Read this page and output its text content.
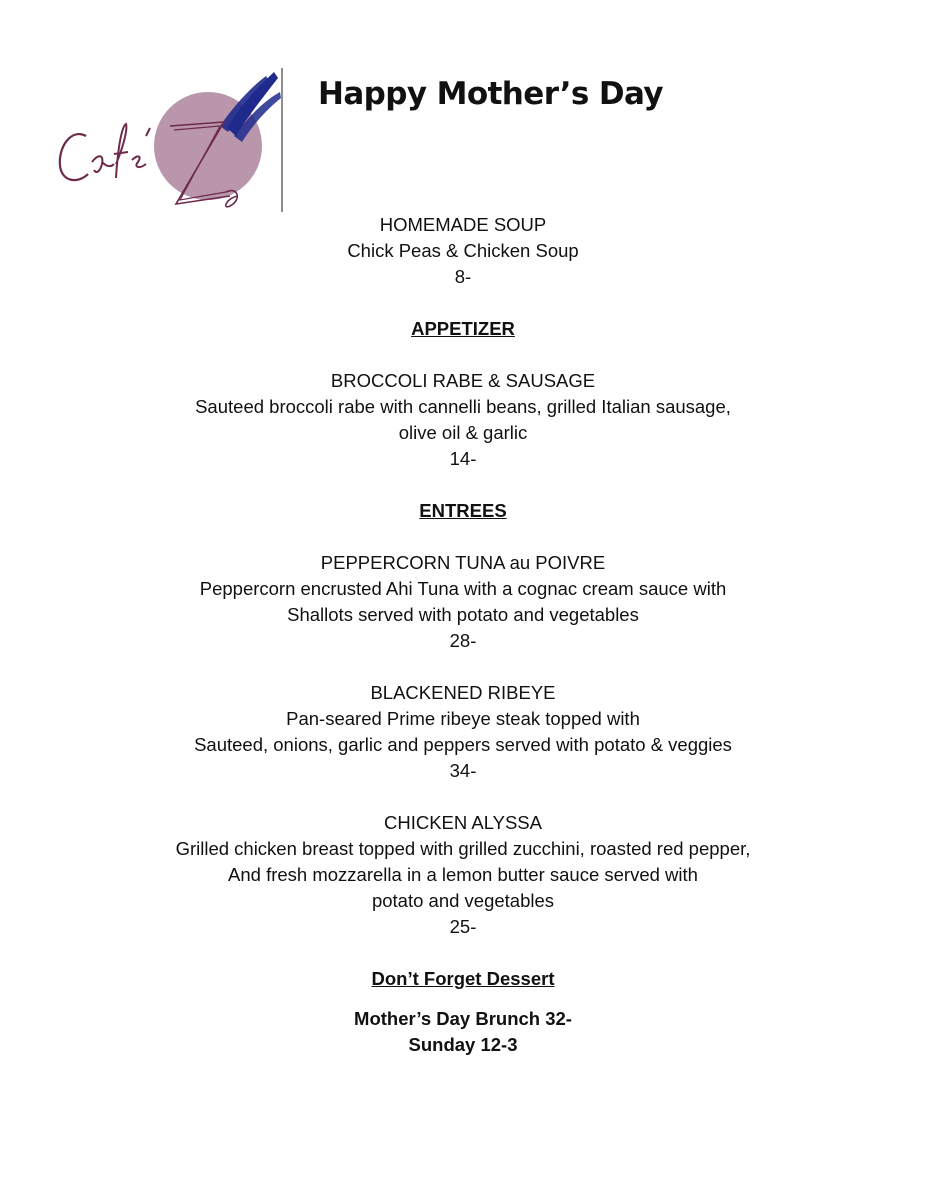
Happy Mother’s Day
HOMEMADE SOUP
Chick Peas & Chicken Soup
8-
APPETIZER
BROCCOLI RABE & SAUSAGE
Sauteed broccoli rabe with cannelli beans, grilled Italian sausage,
olive oil & garlic
14-
ENTREES
PEPPERCORN TUNA au POIVRE
Peppercorn encrusted Ahi Tuna with a cognac cream sauce with
Shallots served with potato and vegetables
28-
BLACKENED RIBEYE
Pan-seared Prime ribeye steak topped with
Sauteed, onions, garlic and peppers served with potato & veggies
34-
CHICKEN ALYSSA
Grilled chicken breast topped with grilled zucchini, roasted red pepper,
And fresh mozzarella in a lemon butter sauce served with
potato and vegetables
25-
Don’t Forget Dessert
Mother’s Day Brunch 32-
Sunday 12-3
